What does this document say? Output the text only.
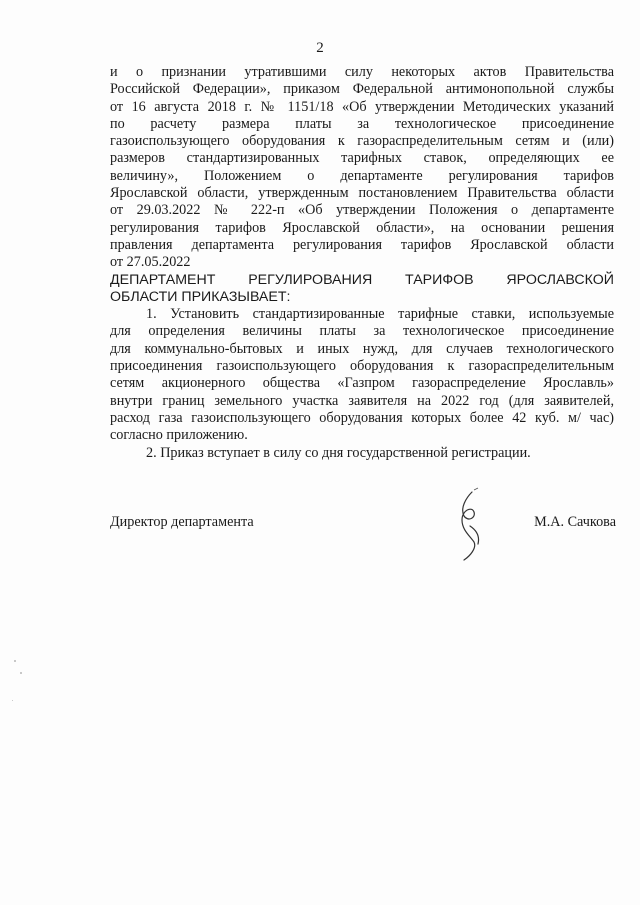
2

и о признании утратившими силу некоторых актов Правительства
Российской Федерации», приказом Федеральной антимонопольной службы
от 16 августа 2018 г. № 1151/18 «Об утверждении Методических указаний
по расчету размера платы за технологическое присоединение
газоиспользующего оборудования к газораспределительным сетям и (или)
размеров стандартизированных тарифных ставок, определяющих ее
величину», Положением о департаменте регулирования тарифов
Ярославской области, утвержденным постановлением Правительства области
от 29.03.2022 № 222-п «Об утверждении Положения о департаменте
регулирования тарифов Ярославской области», на основании решения
правления департамента регулирования тарифов Ярославской области
от 27.05.2022

ДЕПАРТАМЕНТ РЕГУЛИРОВАНИЯ ТАРИФОВ ЯРОСЛАВСКОЙ
ОБЛАСТИ ПРИКАЗЫВАЕТ:

1. Установить стандартизированные тарифные ставки, используемые
для определения величины платы за технологическое присоединение
для коммунально-бытовых и иных нужд, для случаев технологического
присоединения газоиспользующего оборудования к газораспределительным
сетям акционерного общества «Газпром газораспределение Ярославль»
внутри границ земельного участка заявителя на 2022 год (для заявителей,
расход газа газоиспользующего оборудования которых более 42 куб. м/ час)
согласно приложению.

2. Приказ вступает в силу со дня государственной регистрации.

Директор департамента	М.А. Сачкова
